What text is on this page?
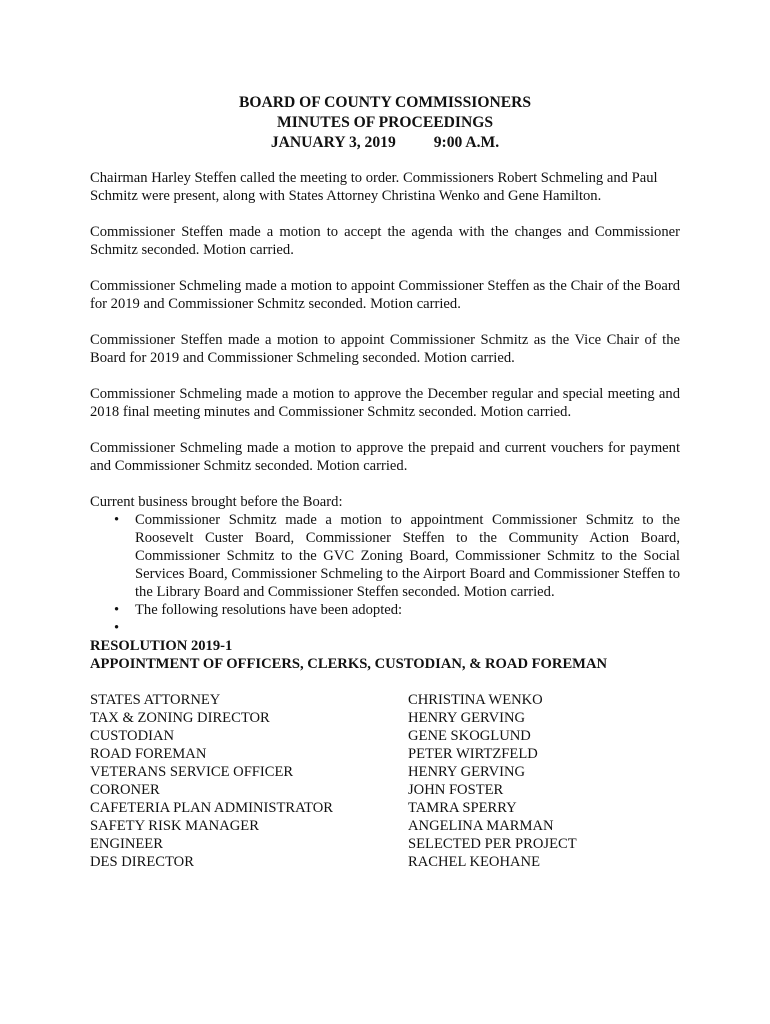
BOARD OF COUNTY COMMISSIONERS
MINUTES OF PROCEEDINGS
JANUARY 3, 2019 9:00 A.M.

Chairman Harley Steffen called the meeting to order. Commissioners Robert Schmeling and Paul Schmitz were present, along with States Attorney Christina Wenko and Gene Hamilton.

Commissioner Steffen made a motion to accept the agenda with the changes and Commissioner Schmitz seconded. Motion carried.

Commissioner Schmeling made a motion to appoint Commissioner Steffen as the Chair of the Board for 2019 and Commissioner Schmitz seconded. Motion carried.

Commissioner Steffen made a motion to appoint Commissioner Schmitz as the Vice Chair of the Board for 2019 and Commissioner Schmeling seconded. Motion carried.

Commissioner Schmeling made a motion to approve the December regular and special meeting and 2018 final meeting minutes and Commissioner Schmitz seconded. Motion carried.

Commissioner Schmeling made a motion to approve the prepaid and current vouchers for payment and Commissioner Schmitz seconded. Motion carried.

Current business brought before the Board:

• Commissioner Schmitz made a motion to appointment Commissioner Schmitz to the Roosevelt Custer Board, Commissioner Steffen to the Community Action Board, Commissioner Schmitz to the GVC Zoning Board, Commissioner Schmitz to the Social Services Board, Commissioner Schmeling to the Airport Board and Commissioner Steffen to the Library Board and Commissioner Steffen seconded. Motion carried.
• The following resolutions have been adopted:
•

RESOLUTION 2019-1
APPOINTMENT OF OFFICERS, CLERKS, CUSTODIAN, & ROAD FOREMAN
STATES ATTORNEY	CHRISTINA WENKO
TAX & ZONING DIRECTOR	HENRY GERVING
CUSTODIAN	GENE SKOGLUND
ROAD FOREMAN	PETER WIRTZFELD
VETERANS SERVICE OFFICER	HENRY GERVING
CORONER	JOHN FOSTER
CAFETERIA PLAN ADMINISTRATOR	TAMRA SPERRY
SAFETY RISK MANAGER	ANGELINA MARMAN
ENGINEER	SELECTED PER PROJECT
DES DIRECTOR	RACHEL KEOHANE
